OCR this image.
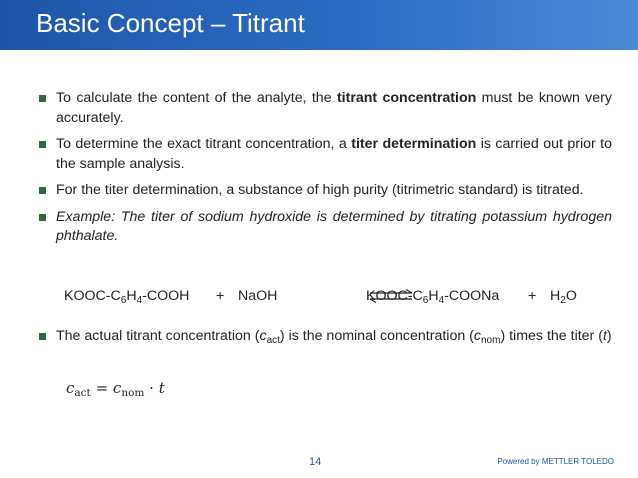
Basic Concept – Titrant
To calculate the content of the analyte, the titrant concentration must be known very accurately.
To determine the exact titrant concentration, a titer determination is carried out prior to the sample analysis.
For the titer determination, a substance of high purity (titrimetric standard) is titrated.
Example: The titer of sodium hydroxide is determined by titrating potassium hydrogen phthalate.
KOOC-$C_6H_4$-COOH + NaOH	KOOC-$C_6H_4$-COONa + $H_2O$
The actual titrant concentration $(c_{act})$ is the nominal concentration $(c_{nom})$ times the titer (t)
$c_{act} = c_{nom} \cdot t$
14	Powered by METTLER TOLEDO
